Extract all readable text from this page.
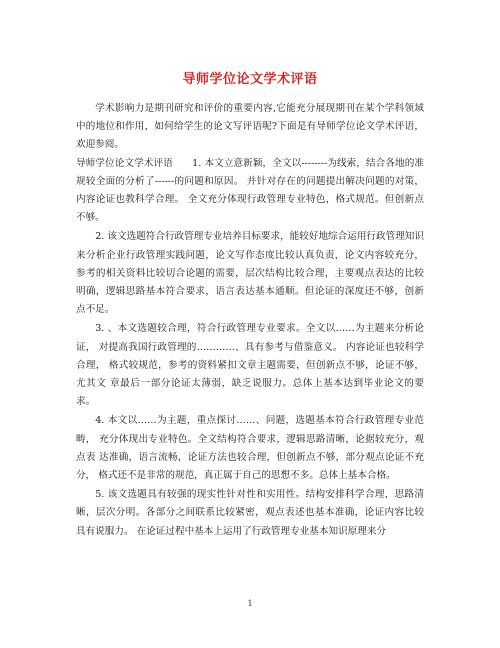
导师学位论文学术评语

学术影响力是期刊研究和评价的重要内容,它能充分展现期刊在某个学科领域中的地位和作用，如何给学生的论文写评语呢?下面是有导师学位论文学术评语，欢迎参阅。

导师学位论文学术评语　　1. 本文立意新颖，全文以--------为线索，结合各地的准规较全面的分析了------的问题和原因。 并针对存在的问题提出解决问题的对策， 内容论证也教科学合理。 全文充分体现行政管理专业特色，格式规范。但创新点不够。

2. 该文选题符合行政管理专业培养目标要求，能较好地综合运用行政管理知识 来分析企业行政管理实践问题，论文写作态度比较认真负责，论文内容较充分， 参考的相关资料比较切合论题的需要，层次结构比较合理，主要观点表达的比较 明确，逻辑思路基本符合要求，语言表达基本通顺。但论证的深度还不够，创新 点不足。

3. 、本文选题较合理，符合行政管理专业要求。全文以……为主题来分析论证， 对提高我国行政管理的…………、具有参考与借鉴意义。 内容论证也较科学合理， 格式较规范，参考的资料紧扣文章主题需要，但创新点不够，论证不够，尤其文 章最后一部分论证太薄弱，缺乏说服力。总体上基本达到毕业论文的要求。

4. 本文以……为主题，重点探讨……、问题，选题基本符合行政管理专业范畴， 充分体现出专业特色。全文结构符合要求，逻辑思路清晰，论据较充分，观点表 达准确，语言流畅，论证方法也较合理，但创新点不够，部分观点论证不充分， 格式还不是非常的规范，真正属于自己的思想不多。总体上基本合格。

5. 该文选题具有较强的现实性针对性和实用性。结构安排科学合理，思路清 晰，层次分明。各部分之间联系比较紧密，观点表述也基本准确，论证内容比较 具有说服力。 在论证过程中基本上运用了行政管理专业基本知识原理来分

1
